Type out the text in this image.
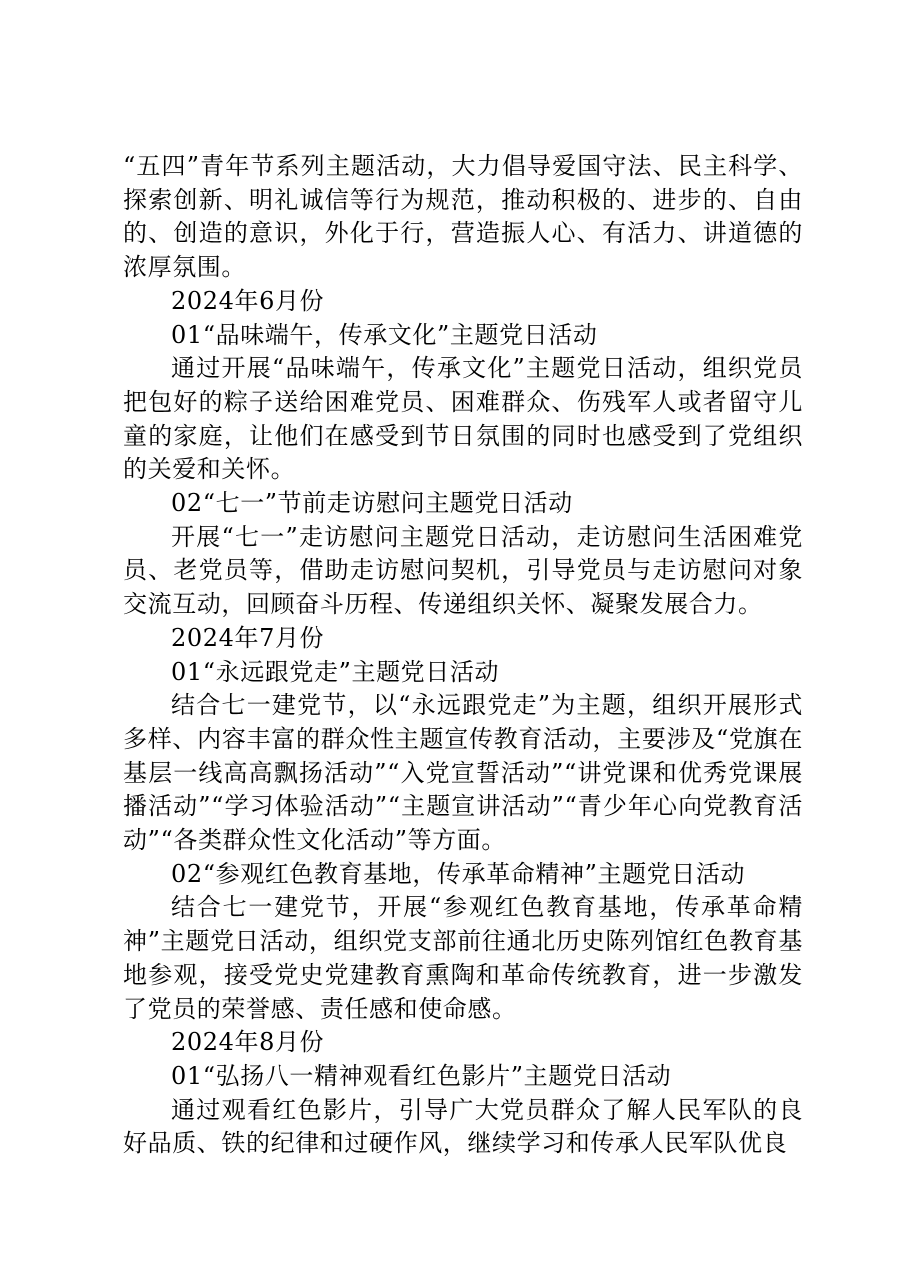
“五四”青年节系列主题活动，大力倡导爱国守法、民主科学、探索创新、明礼诚信等行为规范，推动积极的、进步的、自由的、创造的意识，外化于行，营造振人心、有活力、讲道德的浓厚氛围。

2024年6月份

01“品味端午，传承文化”主题党日活动

通过开展“品味端午，传承文化”主题党日活动，组织党员把包好的粽子送给困难党员、困难群众、伤残军人或者留守儿童的家庭，让他们在感受到节日氛围的同时也感受到了党组织的关爱和关怀。

02“七一”节前走访慰问主题党日活动

开展“七一”走访慰问主题党日活动，走访慰问生活困难党员、老党员等，借助走访慰问契机，引导党员与走访慰问对象交流互动，回顾奋斗历程、传递组织关怀、凝聚发展合力。

2024年7月份

01“永远跟党走”主题党日活动

结合七一建党节，以“永远跟党走”为主题，组织开展形式多样、内容丰富的群众性主题宣传教育活动，主要涉及“党旗在基层一线高高飘扬活动”“入党宣誓活动”“讲党课和优秀党课展播活动”“学习体验活动”“主题宣讲活动”“青少年心向党教育活动”“各类群众性文化活动”等方面。

02“参观红色教育基地，传承革命精神”主题党日活动

结合七一建党节，开展“参观红色教育基地，传承革命精神”主题党日活动，组织党支部前往通北历史陈列馆红色教育基地参观，接受党史党建教育熏陶和革命传统教育，进一步激发了党员的荣誉感、责任感和使命感。

2024年8月份

01“弘扬八一精神观看红色影片”主题党日活动

通过观看红色影片，引导广大党员群众了解人民军队的良好品质、铁的纪律和过硬作风，继续学习和传承人民军队优良
